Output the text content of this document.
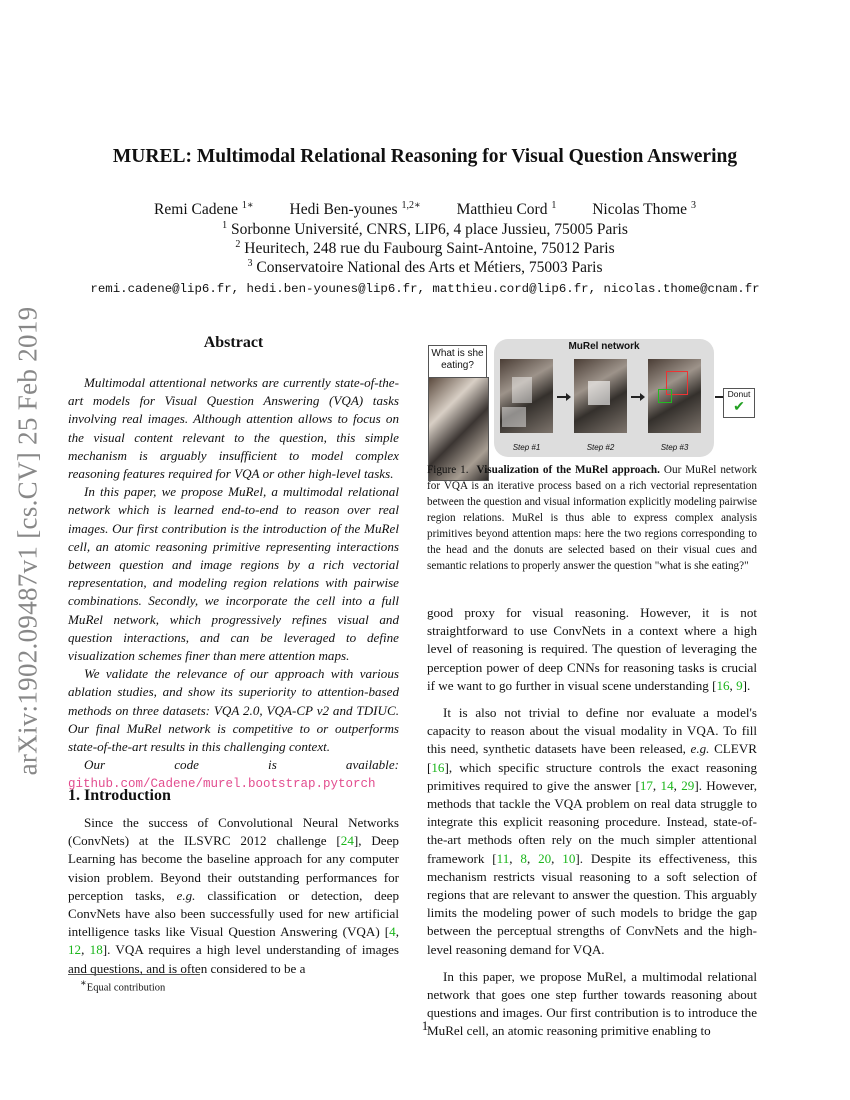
arXiv:1902.09487v1 [cs.CV] 25 Feb 2019
MUREL: Multimodal Relational Reasoning for Visual Question Answering
Remi Cadene $^{1∗}$ Hedi Ben-younes $^{1,2∗}$ Matthieu Cord $^1$ Nicolas Thome $^3$
$^1$ Sorbonne Université, CNRS, LIP6, 4 place Jussieu, 75005 Paris
$^2$ Heuritech, 248 rue du Faubourg Saint-Antoine, 75012 Paris
$^3$ Conservatoire National des Arts et Métiers, 75003 Paris
remi.cadene@lip6.fr, hedi.ben-younes@lip6.fr, matthieu.cord@lip6.fr, nicolas.thome@cnam.fr
Abstract

Multimodal attentional networks are currently state-of-the-art models for Visual Question Answering (VQA) tasks involving real images. Although attention allows to focus on the visual content relevant to the question, this simple mechanism is arguably insufficient to model complex reasoning features required for VQA or other high-level tasks.

In this paper, we propose MuRel, a multimodal relational network which is learned end-to-end to reason over real images. Our first contribution is the introduction of the MuRel cell, an atomic reasoning primitive representing interactions between question and image regions by a rich vectorial representation, and modeling region relations with pairwise combinations. Secondly, we incorporate the cell into a full MuRel network, which progressively refines visual and question interactions, and can be leveraged to define visualization schemes finer than mere attention maps.

We validate the relevance of our approach with various ablation studies, and show its superiority to attention-based methods on three datasets: VQA 2.0, VQA-CP v2 and TDIUC. Our final MuRel network is competitive to or outperforms state-of-the-art results in this challenging context.

Our code is available: github.com/Cadene/murel.bootstrap.pytorch

1. Introduction

Since the success of Convolutional Neural Networks (ConvNets) at the ILSVRC 2012 challenge [24], Deep Learning has become the baseline approach for any computer vision problem. Beyond their outstanding performances for perception tasks, e.g. classification or detection, deep ConvNets have also been successfully used for new artificial intelligence tasks like Visual Question Answering (VQA) [4, 12, 18]. VQA requires a high level understanding of images and questions, and is often considered to be a

∗Equal contribution
What is she eating?
MuRel network
Step #1	Step #2	Step #3
Donut
✔
Figure 1. Visualization of the MuRel approach. Our MuRel network for VQA is an iterative process based on a rich vectorial representation between the question and visual information explicitly modeling pairwise region relations. MuRel is thus able to express complex analysis primitives beyond attention maps: here the two regions corresponding to the head and the donuts are selected based on their visual cues and semantic relations to properly answer the question "what is she eating?"

good proxy for visual reasoning. However, it is not straightforward to use ConvNets in a context where a high level of reasoning is required. The question of leveraging the perception power of deep CNNs for reasoning tasks is crucial if we want to go further in visual scene understanding [16, 9].

It is also not trivial to define nor evaluate a model's capacity to reason about the visual modality in VQA. To fill this need, synthetic datasets have been released, e.g. CLEVR [16], which specific structure controls the exact reasoning primitives required to give the answer [17, 14, 29]. However, methods that tackle the VQA problem on real data struggle to integrate this explicit reasoning procedure. Instead, state-of-the-art methods often rely on the much simpler attentional framework [11, 8, 20, 10]. Despite its effectiveness, this mechanism restricts visual reasoning to a soft selection of regions that are relevant to answer the question. This arguably limits the modeling power of such models to bridge the gap between the perceptual strengths of ConvNets and the high-level reasoning demand for VQA.

In this paper, we propose MuRel, a multimodal relational network that goes one step further towards reasoning about questions and images. Our first contribution is to introduce the MuRel cell, an atomic reasoning primitive enabling to

1
